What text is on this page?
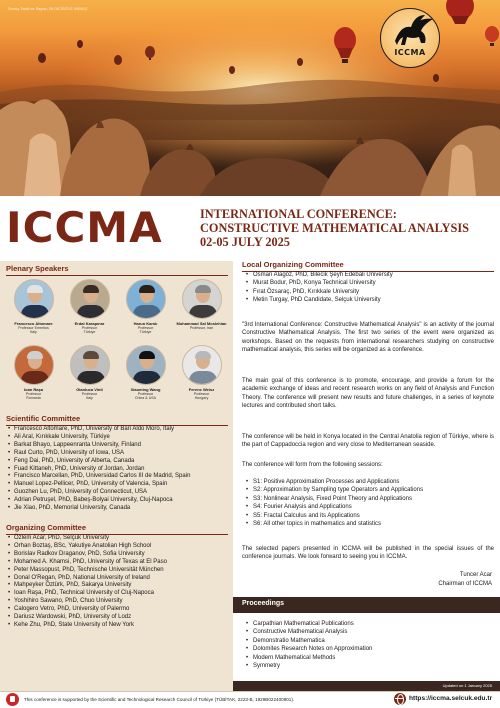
Sonuç Tarih ve Sayısı: 09.08.2022-E.986912
ICCMA
ICCMA	INTERNATIONAL CONFERENCE:
CONSTRUCTIVE MATHEMATICAL ANALYSIS
02-05 JULY 2025
Plenary Speakers
Francesco Altomare
Professor Emeritus
Italy
Erdal Karapınar
Professor
Türkiye
Harun Karslı
Professor
Türkiye
Mohammad Sal Moslehian
Professor, Iran
Ioan Raşa
Professor
Romania
Gianluca Vinti
Professor
Italy
Xiaoming Wang
Professor
China & USA
Ferenc Weisz
Professor
Hungary
Scientific Committee
• Francesco Altomare, PhD, University of Bari Aldo Moro, Italy
• Ali Aral, Kırıkkale University, Türkiye
• Barkat Bhayo, Lappeenranta University, Finland
• Raul Curto, PhD, University of Iowa, USA
• Feng Dai, PhD, University of Alberta, Canada
• Fuad Kittaneh, PhD, University of Jordan, Jordan
• Francisco Marcellan, PhD, Universidad Carlos III de Madrid, Spain
• Manuel Lopez-Pellicer, PhD, University of Valencia, Spain
• Guozhen Lu, PhD, University of Connecticut, USA
• Adrian Petruşel, PhD, Babeş-Bolyai University, Cluj-Napoca
• Jie Xiao, PhD, Memorial University, Canada
Organizing Committee
• Özlem Acar, PhD, Selçuk University
• Orhan Boztaş, BSc, Yakutiye Anatolian High School
• Borislav Radkov Draganov, PhD, Sofia University
• Mohamed A. Khamsi, PhD, University of Texas at El Paso
• Peter Massopust, PhD, Technische Universität München
• Donal O'Regan, PhD, National University of Ireland
• Mahpeyker Öztürk, PhD, Sakarya University
• Ioan Raşa, PhD, Technical University of Cluj-Napoca
• Yoshihiro Sawano, PhD, Chuo University
• Calogero Vetro, PhD, University of Palermo
• Dariusz Wardowski, PhD, University of Lodz
• Kehe Zhu, PhD, State University of New York
Local Organizing Committee
• Osman Alagöz, PhD, Bilecik Şeyh Edebali University
• Murat Bodur, PhD, Konya Technical University
• Fırat Özsaraç, PhD, Kırıkkale University
• Metin Turgay, PhD Candidate, Selçuk University

"3rd International Conference: Constructive Mathematical Analysis" is an activity of the journal Constructive Mathematical Analysis. The first two series of the event were organized as workshops. Based on the requests from international researchers studying on constructive mathematical analysis, this series will be organized as a conference.

The main goal of this conference is to promote, encourage, and provide a forum for the academic exchange of ideas and recent research works on any field of Analysis and Function Theory. The conference will present new results and future challenges, in a series of keynote lectures and contributed short talks.

The conference will be held in Konya located in the Central Anatolia region of Türkiye, where is the part of Cappadoccia region and very close to Mediterranean seaside.

The conference will form from the following sessions:

• S1: Positive Approximation Processes and Applications
• S2: Approximation by Sampling type Operators and Applications
• S3: Nonlinear Analysis, Fixed Point Theory and Applications
• S4: Fourier Analysis and Applications
• S5: Fractal Calculus and its Applications
• S6: All other topics in mathematics and statistics

The selected papers presented in ICCMA will be published in the special issues of the conference journals. We look forward to seeing you in ICCMA.

Tuncer Acar
Chairman of ICCMA
Proceedings
• Carpathian Mathematical Publications
• Constructive Mathematical Analysis
• Demonstratio Mathematica
• Dolomites Research Notes on Approximation
• Modern Mathematical Methods
• Symmetry
Updated on 1 January 2025
This conference is supported by the Scientific and Technological Research Council of Türkiye (TÜBİTAK, 2223-B, 1929B022400901).	https://iccma.selcuk.edu.tr
